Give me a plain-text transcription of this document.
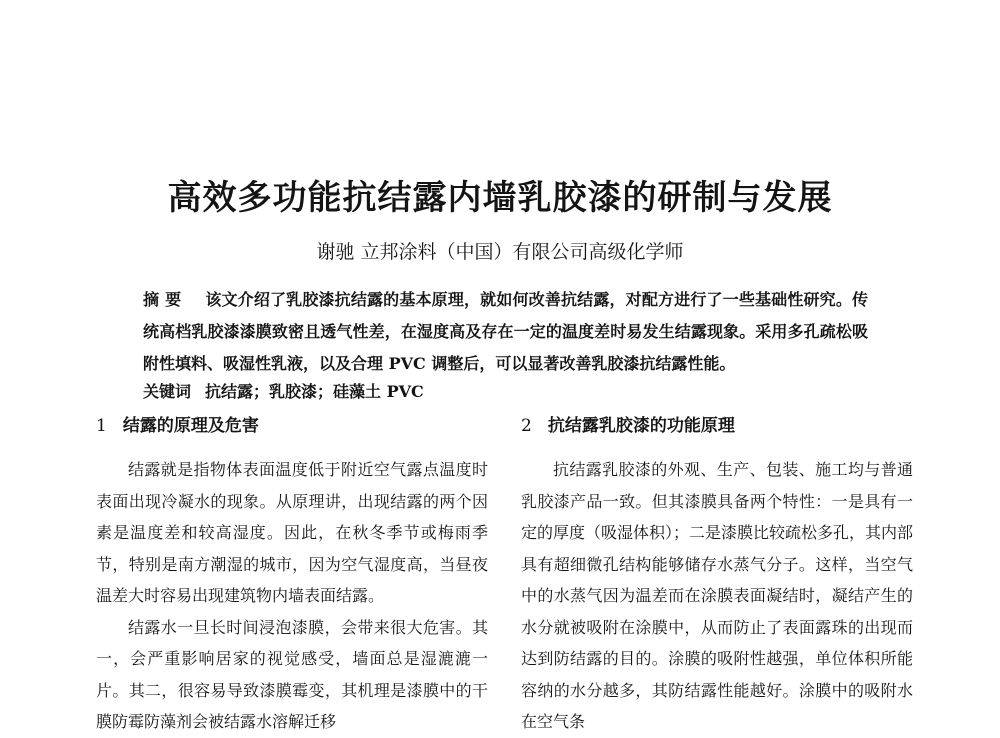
高效多功能抗结露内墙乳胶漆的研制与发展
谢驰 立邦涂料（中国）有限公司高级化学师
摘要 该文介绍了乳胶漆抗结露的基本原理，就如何改善抗结露，对配方进行了一些基础性研究。传统高档乳胶漆漆膜致密且透气性差，在湿度高及存在一定的温度差时易发生结露现象。采用多孔疏松吸附性填料、吸湿性乳液，以及合理 PVC 调整后，可以显著改善乳胶漆抗结露性能。
关键词 抗结露；乳胶漆；硅藻土 PVC
1 结露的原理及危害

结露就是指物体表面温度低于附近空气露点温度时表面出现冷凝水的现象。从原理讲，出现结露的两个因素是温度差和较高湿度。因此，在秋冬季节或梅雨季节，特别是南方潮湿的城市，因为空气湿度高，当昼夜温差大时容易出现建筑物内墙表面结露。

结露水一旦长时间浸泡漆膜，会带来很大危害。其一，会严重影响居家的视觉感受，墙面总是湿漉漉一片。其二，很容易导致漆膜霉变，其机理是漆膜中的干膜防霉防藻剂会被结露水溶解迁移

2 抗结露乳胶漆的功能原理

抗结露乳胶漆的外观、生产、包装、施工均与普通乳胶漆产品一致。但其漆膜具备两个特性：一是具有一定的厚度（吸湿体积）；二是漆膜比较疏松多孔，其内部具有超细微孔结构能够储存水蒸气分子。这样，当空气中的水蒸气因为温差而在涂膜表面凝结时，凝结产生的水分就被吸附在涂膜中，从而防止了表面露珠的出现而达到防结露的目的。涂膜的吸附性越强，单位体积所能容纳的水分越多，其防结露性能越好。涂膜中的吸附水在空气条
